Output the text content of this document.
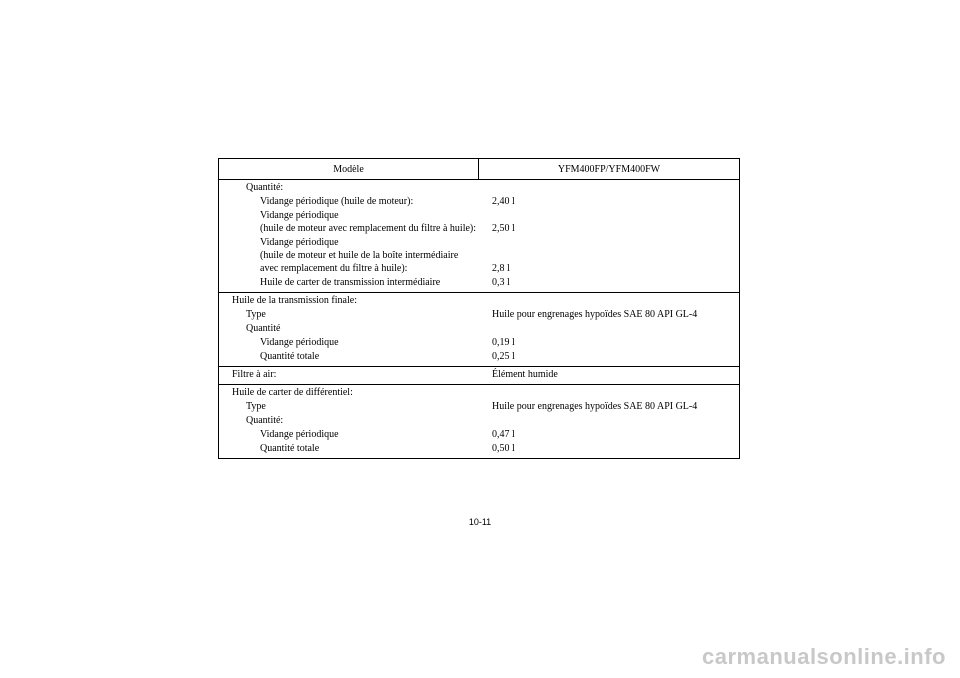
Modèle	YFM400FP/YFM400FW
Quantité:
Vidange périodique (huile de moteur):	2,40 l
Vidange périodique
(huile de moteur avec remplacement du filtre à huile):	2,50 l
Vidange périodique
(huile de moteur et huile de la boîte intermédiaire
avec remplacement du filtre à huile):	2,8 l
Huile de carter de transmission intermédiaire	0,3 l
Huile de la transmission finale:
Type	Huile pour engrenages hypoïdes SAE 80 API GL-4
Quantité
Vidange périodique	0,19 l
Quantité totale	0,25 l
Filtre à air:	Élément humide
Huile de carter de différentiel:
Type	Huile pour engrenages hypoïdes SAE 80 API GL-4
Quantité:
Vidange périodique	0,47 l
Quantité totale	0,50 l
10-11
carmanualsonline.info
